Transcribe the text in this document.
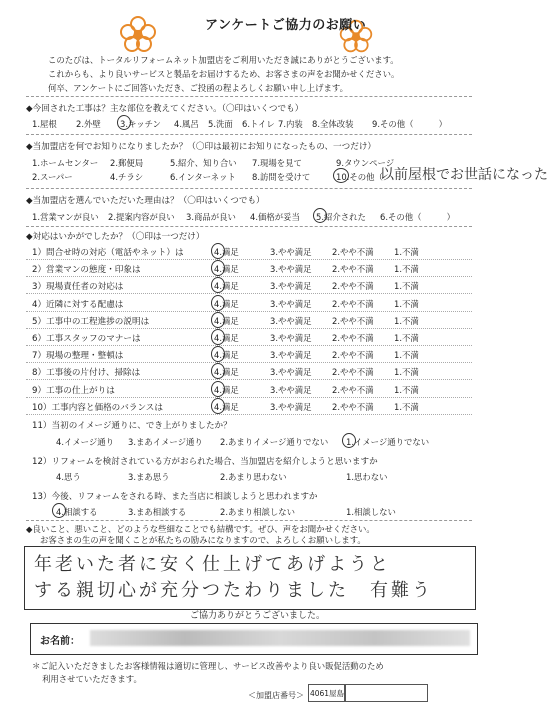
アンケートご協力のお願い
このたびは、トータルリフォームネット加盟店をご利用いただき誠にありがとうございます。
これからも、より良いサービスと製品をお届けするため、お客さまの声をお聞かせください。
何卒、アンケートにご回答いただき、ご投函の程よろしくお願い申し上げます。
◆今回された工事は？主な部位を教えてください。（〇印はいくつでも）
1.屋根 2.外壁 3.キッチン 4.風呂 5.洗面 6.トイレ 7.内装 8.全体改装 9.その他（　　　）
◆当加盟店を何でお知りになりましたか？（〇印は最初にお知りになったもの、一つだけ）
1.ホームセンター 2.郵便局	5.紹介、知り合い 7.現場を見て	9.タウンページ
2.スーパー	4.チラシ	6.インターネット 8.訪問を受けて	10.その他（
以前屋根でお世話になった
◆当加盟店を選んでいただいた理由は？（〇印はいくつでも）
1.営業マンが良い 2.提案内容が良い 3.商品が良い 4.価格が妥当 5.紹介された 6.その他（　　　）
◆対応はいかがでしたか？（〇印は一つだけ）
1）問合せ時の対応（電話やネット）は	4.満足	3.やや満足 2.やや不満 1.不満
2）営業マンの態度・印象は	4.満足	3.やや満足 2.やや不満 1.不満
3）現場責任者の対応は	4.満足	3.やや満足 2.やや不満 1.不満
4）近隣に対する配慮は	4.満足	3.やや満足 2.やや不満 1.不満
5）工事中の工程進捗の説明は	4.満足	3.やや満足 2.やや不満 1.不満
6）工事スタッフのマナーは	4.満足	3.やや満足 2.やや不満 1.不満
7）現場の整理・整頓は	4.満足	3.やや満足 2.やや不満 1.不満
8）工事後の片付け、掃除は	4.満足	3.やや満足 2.やや不満 1.不満
9）工事の仕上がりは	4.満足	3.やや満足 2.やや不満 1.不満
10）工事内容と価格のバランスは	4.満足	3.やや満足 2.やや不満 1.不満
11）当初のイメージ通りに、でき上がりましたか？
4.イメージ通り 3.まあイメージ通り 2.あまりイメージ通りでない 1.イメージ通りでない
12）リフォームを検討されている方がおられた場合、当加盟店を紹介しようと思いますか
4.思う	3.まあ思う	2.あまり思わない	1.思わない
13）今後、リフォームをされる時、また当店に相談しようと思われますか
4.相談する	3.まあ相談する	2.あまり相談しない	1.相談しない
◆良いこと、悪いこと、どのような些細なことでも結構です。ぜひ、声をお聞かせください。
年老いた者に安く仕上げてあげようと
する親切心が充分つたわりました　有難う
ご協力ありがとうございました。
お名前：
＊ご記入いただきましたお客様情報は適切に管理し、サービス改善やより良い販促活動のため
利用させていただきます。
＜加盟店番号＞ 4061屋島
お客さまの生の声を聞くことが私たちの励みになりますので、よろしくお願いします。
